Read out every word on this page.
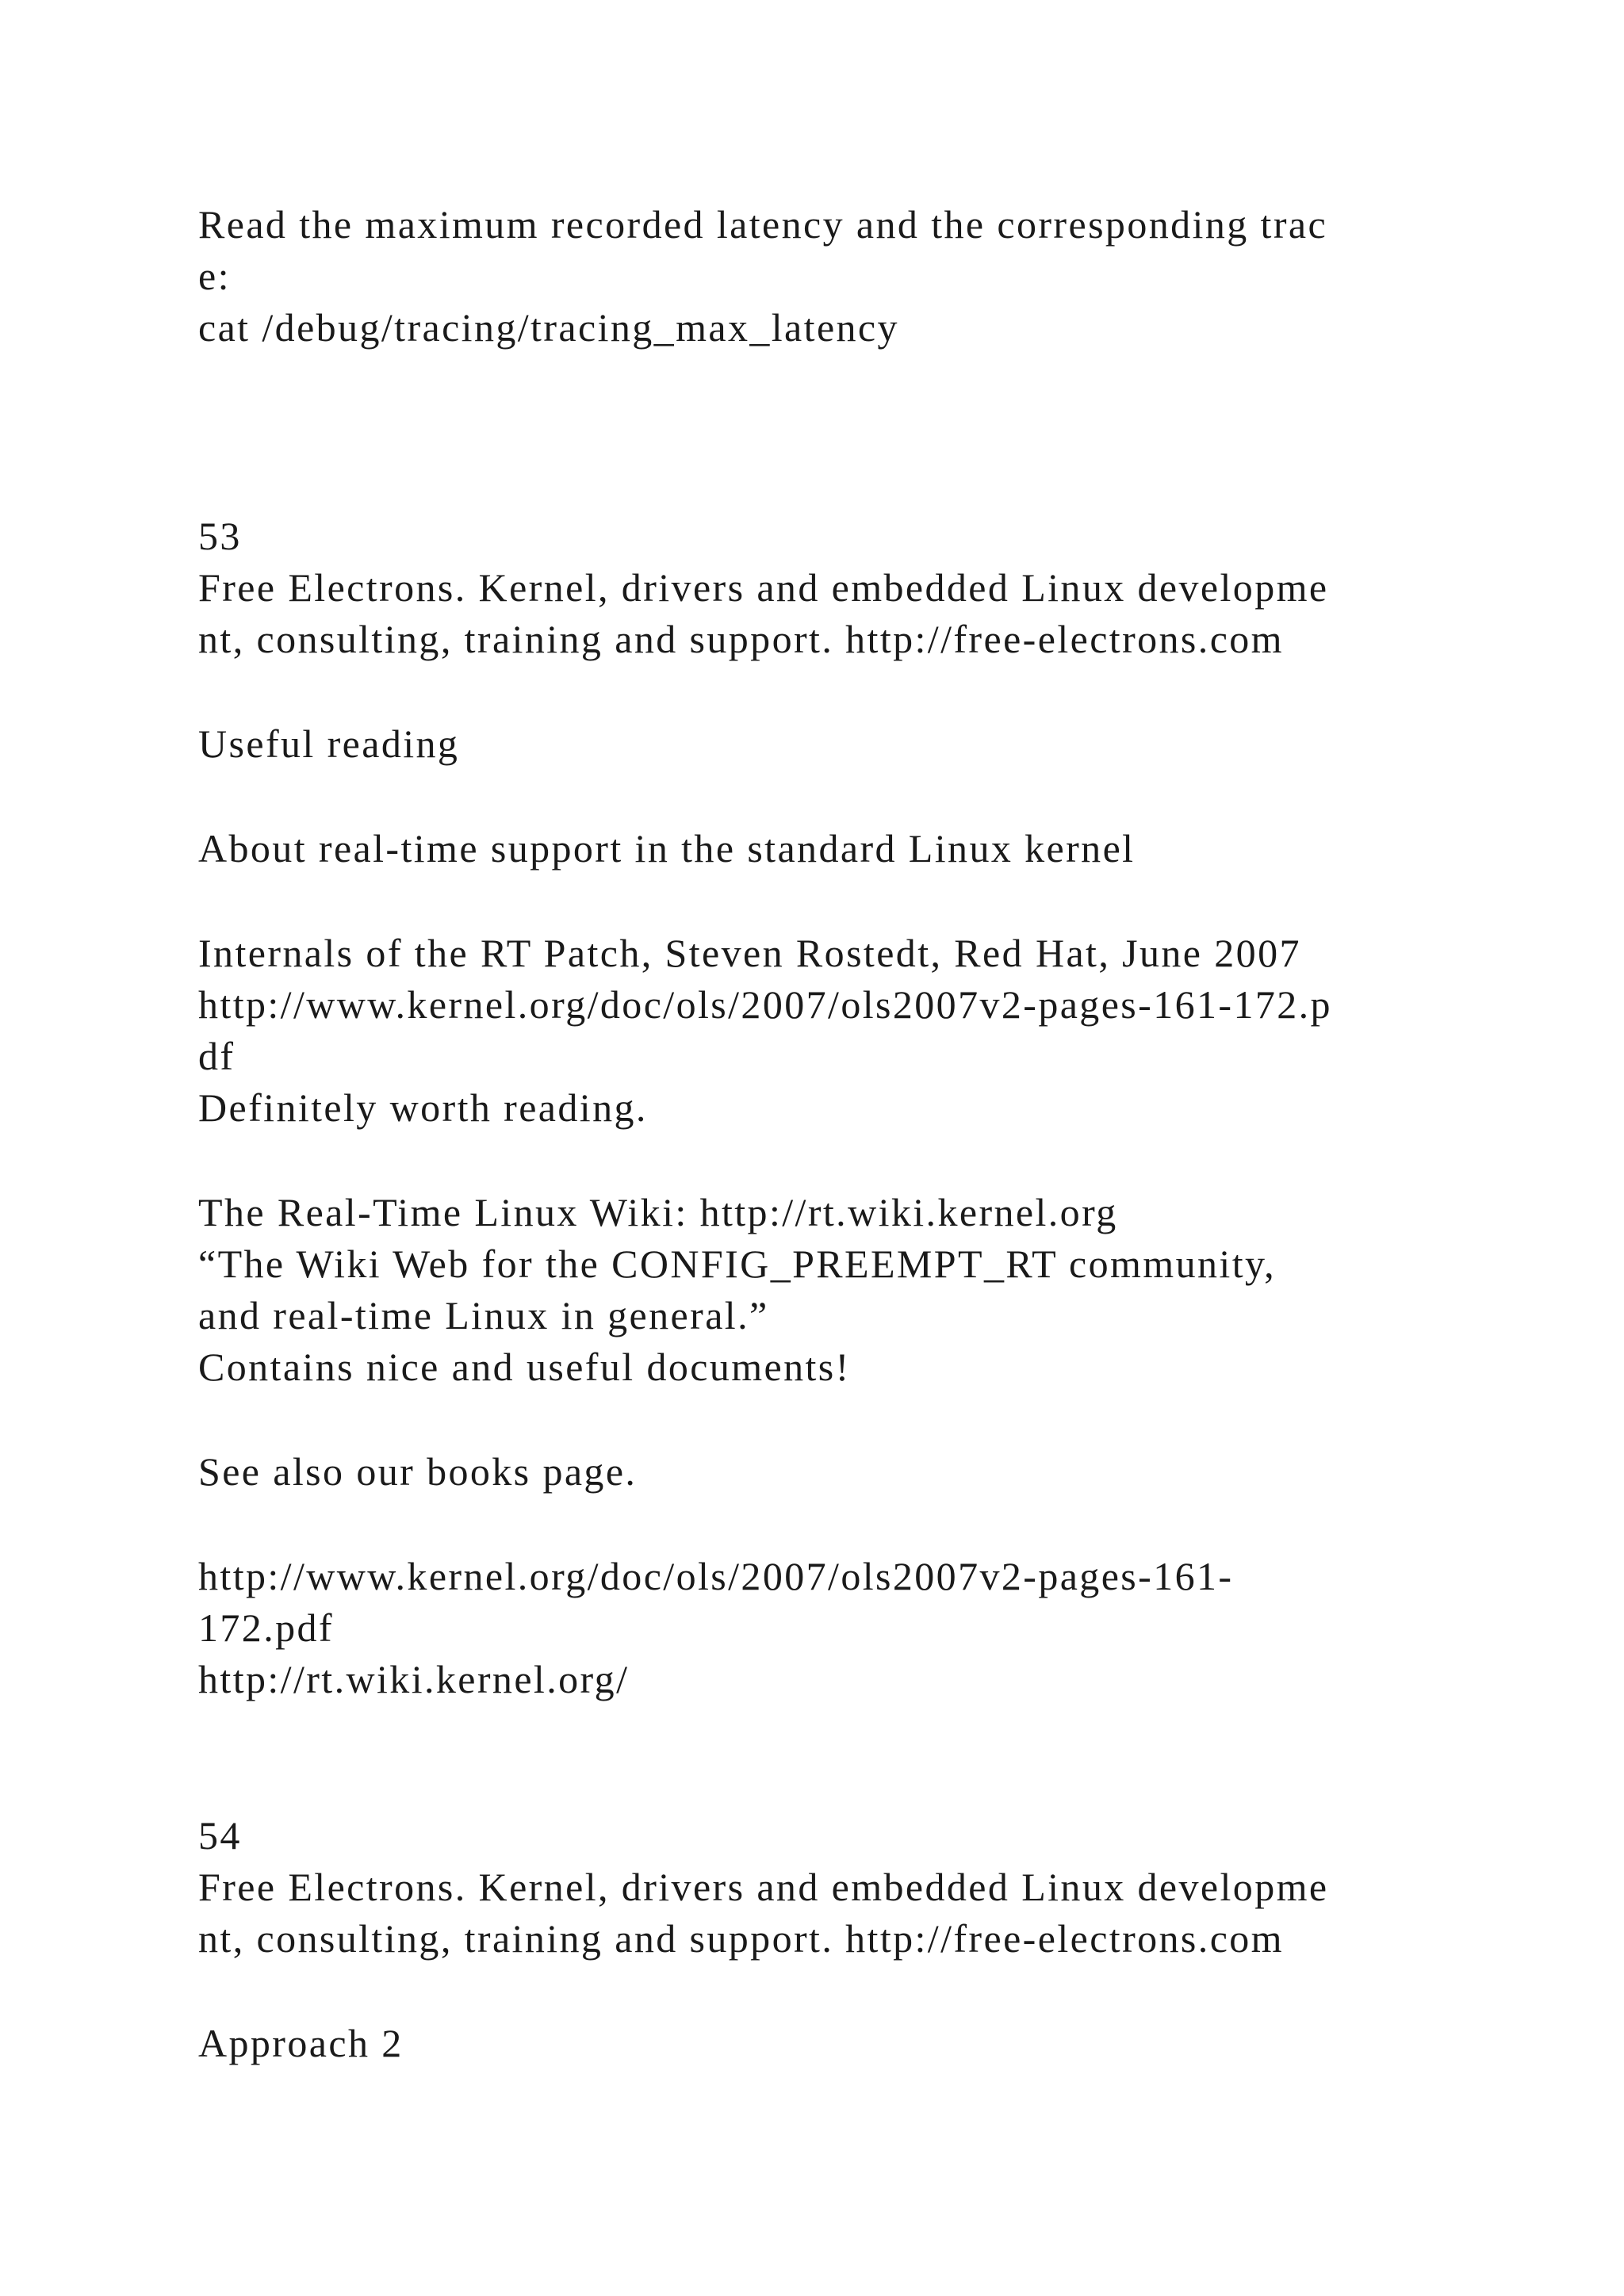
Read the maximum recorded latency and the corresponding trac
e:
cat /debug/tracing/tracing_max_latency
53
Free Electrons. Kernel, drivers and embedded Linux developme
nt, consulting, training and support. http://free-electrons.com
Useful reading
About real-time support in the standard Linux kernel
Internals of the RT Patch, Steven Rostedt, Red Hat, June 2007
http://www.kernel.org/doc/ols/2007/ols2007v2-pages-161-172.p
df
Definitely worth reading.
The Real-Time Linux Wiki: http://rt.wiki.kernel.org
“The Wiki Web for the CONFIG_PREEMPT_RT community,
and real-time Linux in general.”
Contains nice and useful documents!
See also our books page.
http://www.kernel.org/doc/ols/2007/ols2007v2-pages-161-
172.pdf
http://rt.wiki.kernel.org/
54
Free Electrons. Kernel, drivers and embedded Linux developme
nt, consulting, training and support. http://free-electrons.com
Approach 2
